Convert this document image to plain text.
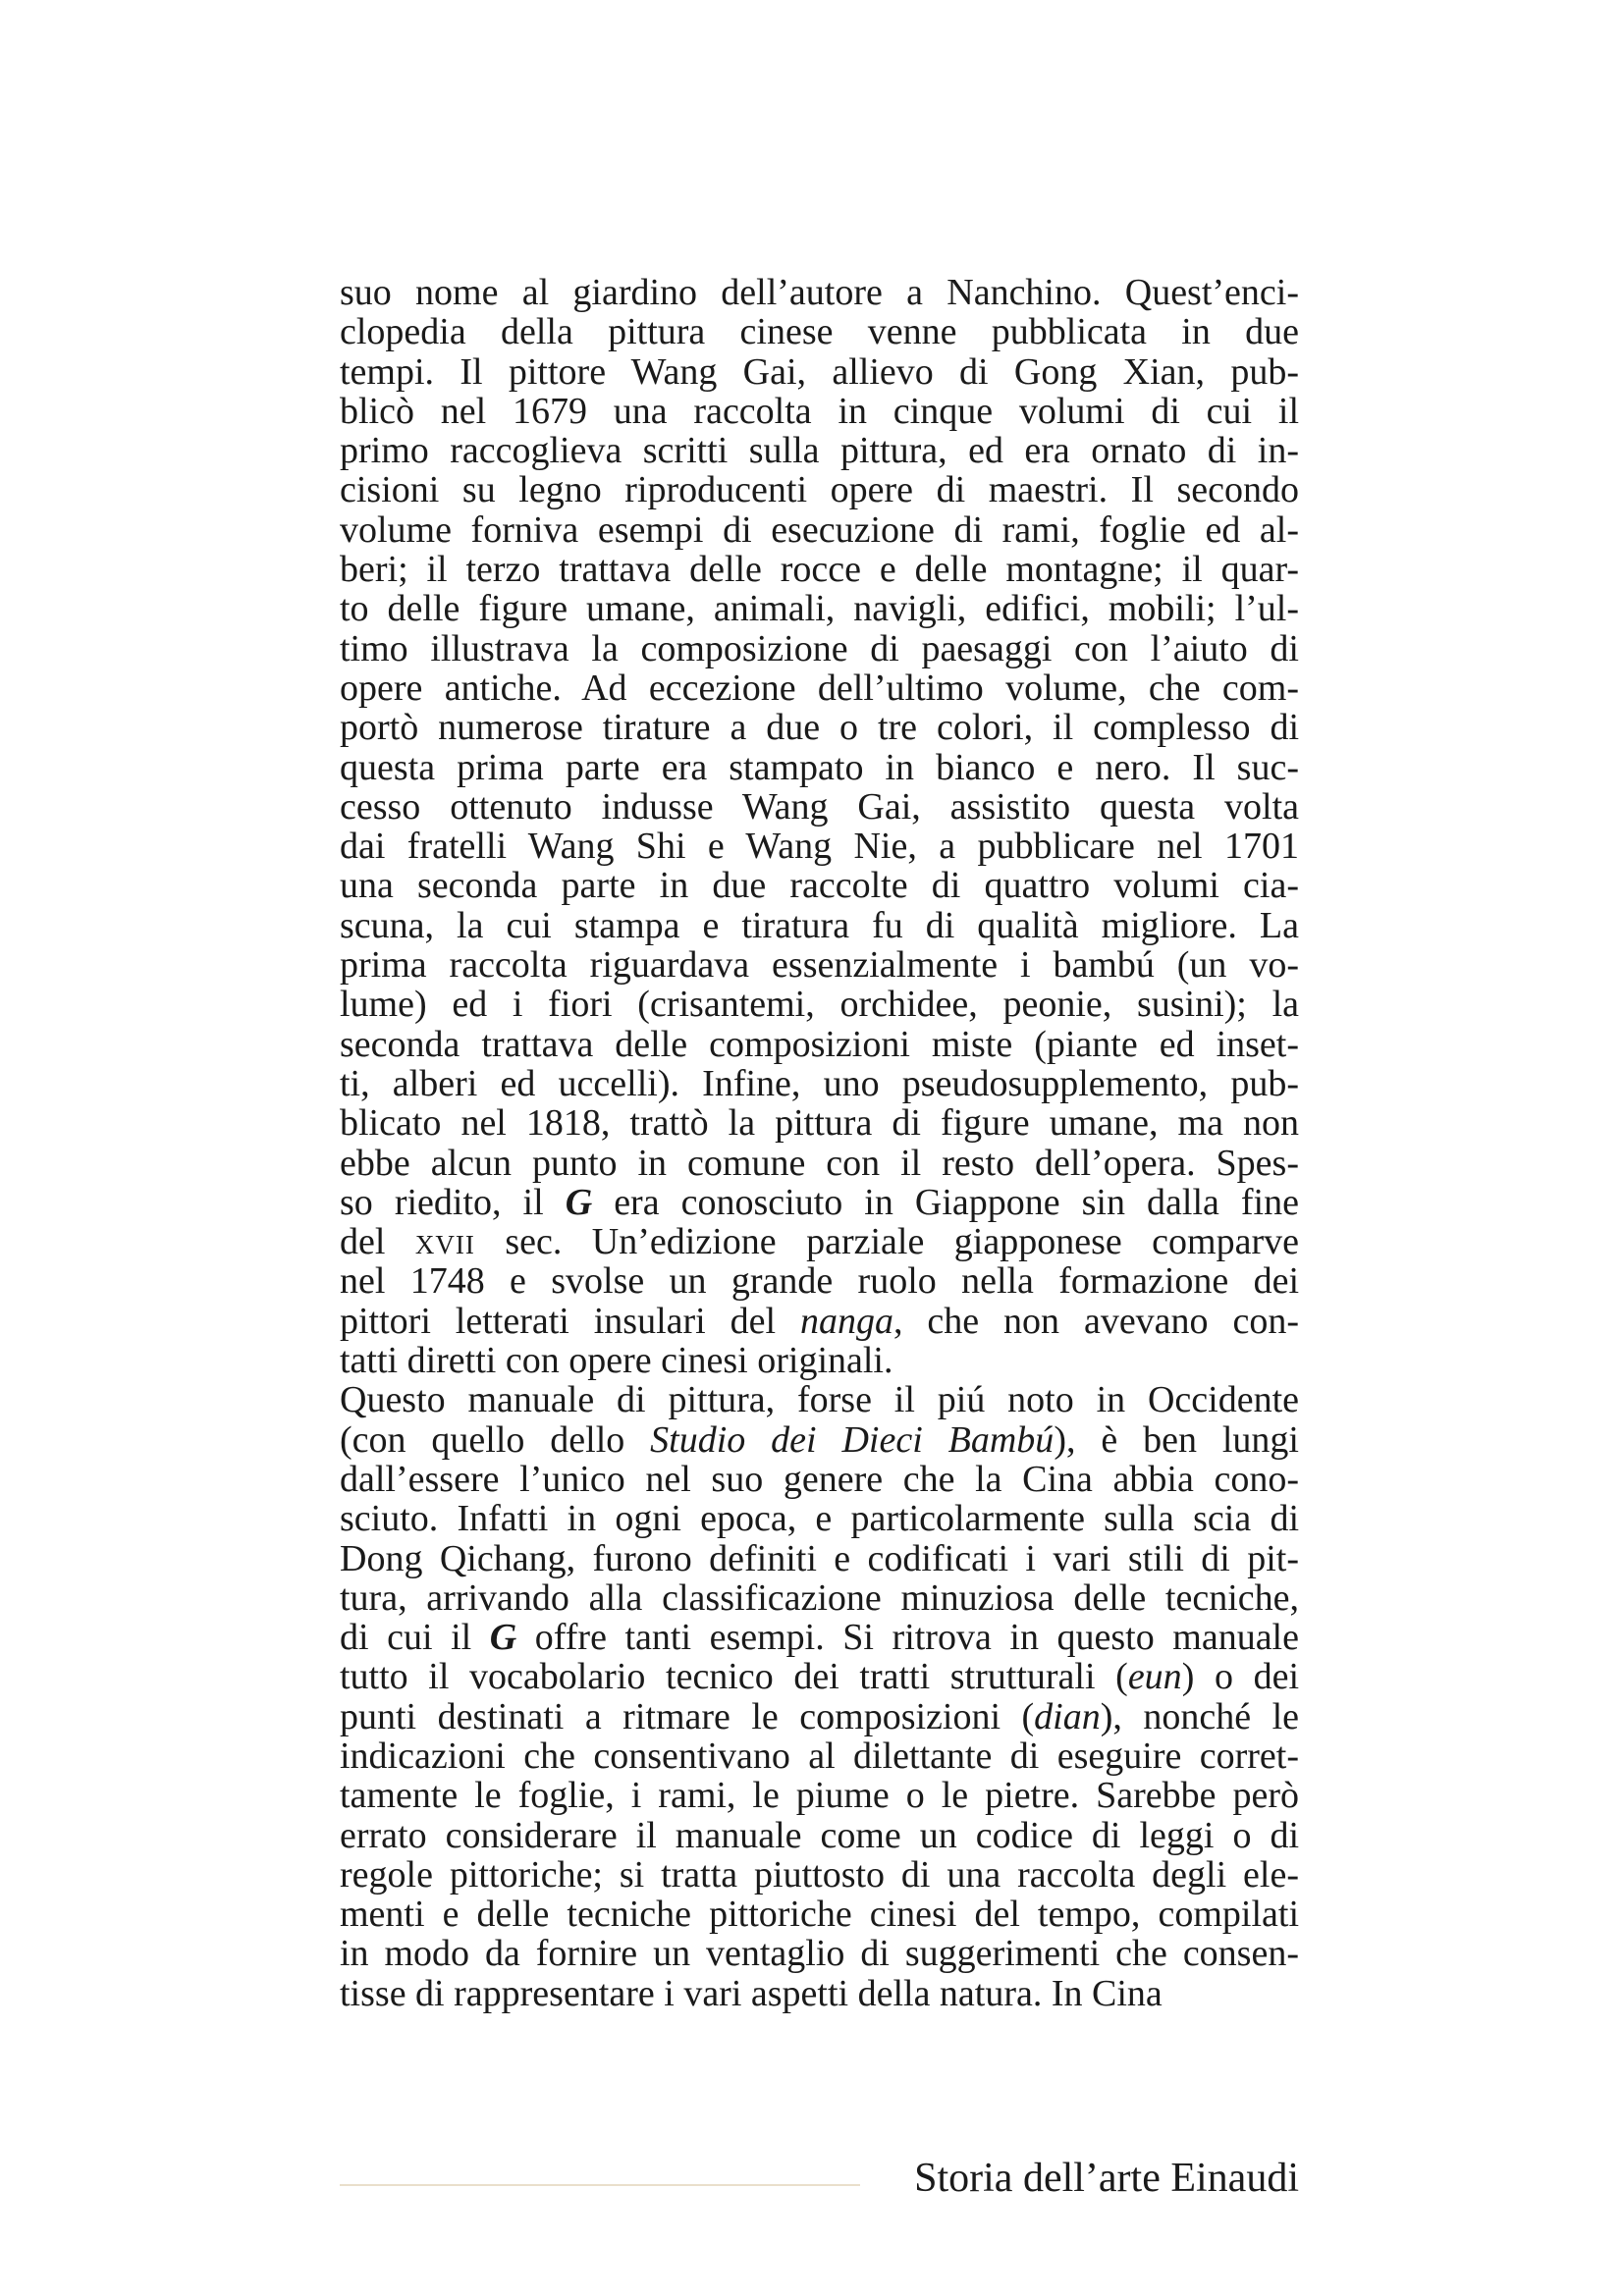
suo nome al giardino dell’autore a Nanchino. Quest’enci-
clopedia della pittura cinese venne pubblicata in due
tempi. Il pittore Wang Gai, allievo di Gong Xian, pub-
blicò nel 1679 una raccolta in cinque volumi di cui il
primo raccoglieva scritti sulla pittura, ed era ornato di in-
cisioni su legno riproducenti opere di maestri. Il secondo
volume forniva esempi di esecuzione di rami, foglie ed al-
beri; il terzo trattava delle rocce e delle montagne; il quar-
to delle figure umane, animali, navigli, edifici, mobili; l’ul-
timo illustrava la composizione di paesaggi con l’aiuto di
opere antiche. Ad eccezione dell’ultimo volume, che com-
portò numerose tirature a due o tre colori, il complesso di
questa prima parte era stampato in bianco e nero. Il suc-
cesso ottenuto indusse Wang Gai, assistito questa volta
dai fratelli Wang Shi e Wang Nie, a pubblicare nel 1701
una seconda parte in due raccolte di quattro volumi cia-
scuna, la cui stampa e tiratura fu di qualità migliore. La
prima raccolta riguardava essenzialmente i bambú (un vo-
lume) ed i fiori (crisantemi, orchidee, peonie, susini); la
seconda trattava delle composizioni miste (piante ed inset-
ti, alberi ed uccelli). Infine, uno pseudosupplemento, pub-
blicato nel 1818, trattò la pittura di figure umane, ma non
ebbe alcun punto in comune con il resto dell’opera. Spes-
so riedito, il G era conosciuto in Giappone sin dalla fine
del xvii sec. Un’edizione parziale giapponese comparve
nel 1748 e svolse un grande ruolo nella formazione dei
pittori letterati insulari del nanga, che non avevano con-
tatti diretti con opere cinesi originali.
Questo manuale di pittura, forse il piú noto in Occidente
(con quello dello Studio dei Dieci Bambú), è ben lungi
dall’essere l’unico nel suo genere che la Cina abbia cono-
sciuto. Infatti in ogni epoca, e particolarmente sulla scia di
Dong Qichang, furono definiti e codificati i vari stili di pit-
tura, arrivando alla classificazione minuziosa delle tecniche,
di cui il G offre tanti esempi. Si ritrova in questo manuale
tutto il vocabolario tecnico dei tratti strutturali (eun) o dei
punti destinati a ritmare le composizioni (dian), nonché le
indicazioni che consentivano al dilettante di eseguire corret-
tamente le foglie, i rami, le piume o le pietre. Sarebbe però
errato considerare il manuale come un codice di leggi o di
regole pittoriche; si tratta piuttosto di una raccolta degli ele-
menti e delle tecniche pittoriche cinesi del tempo, compilati
in modo da fornire un ventaglio di suggerimenti che consen-
tisse di rappresentare i vari aspetti della natura. In Cina
Storia dell’arte Einaudi
